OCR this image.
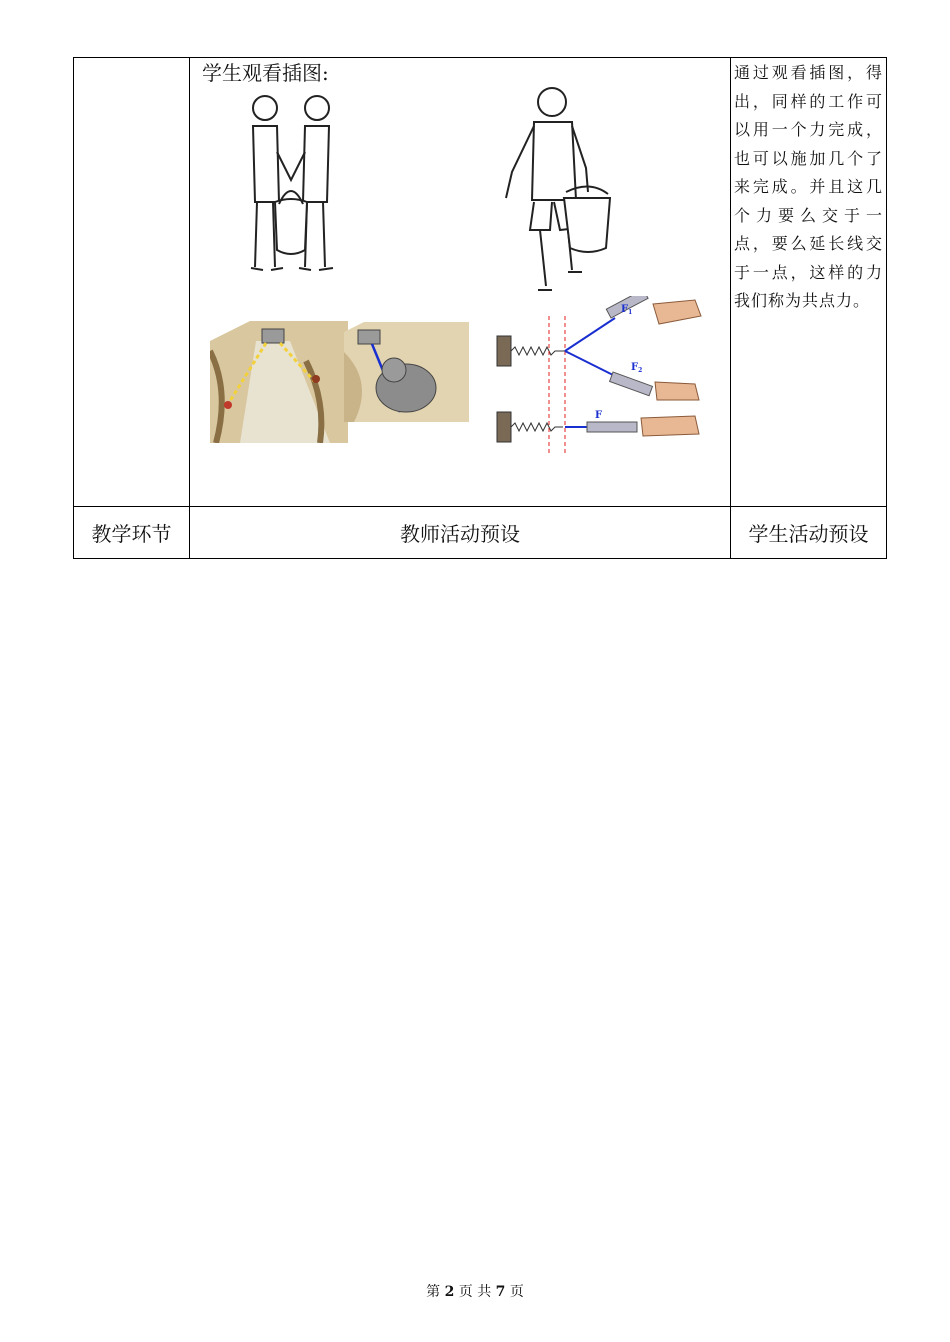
	学生观看插图:
$F_1$
$F_2$
F	通过观看插图，得出，同样的工作可以用一个力完成，也可以施加几个了来完成。并且这几个力要么交于一点，要么延长线交于一点，这样的力我们称为共点力。

教学环节	教师活动预设	学生活动预设
第 2 页 共 7 页
